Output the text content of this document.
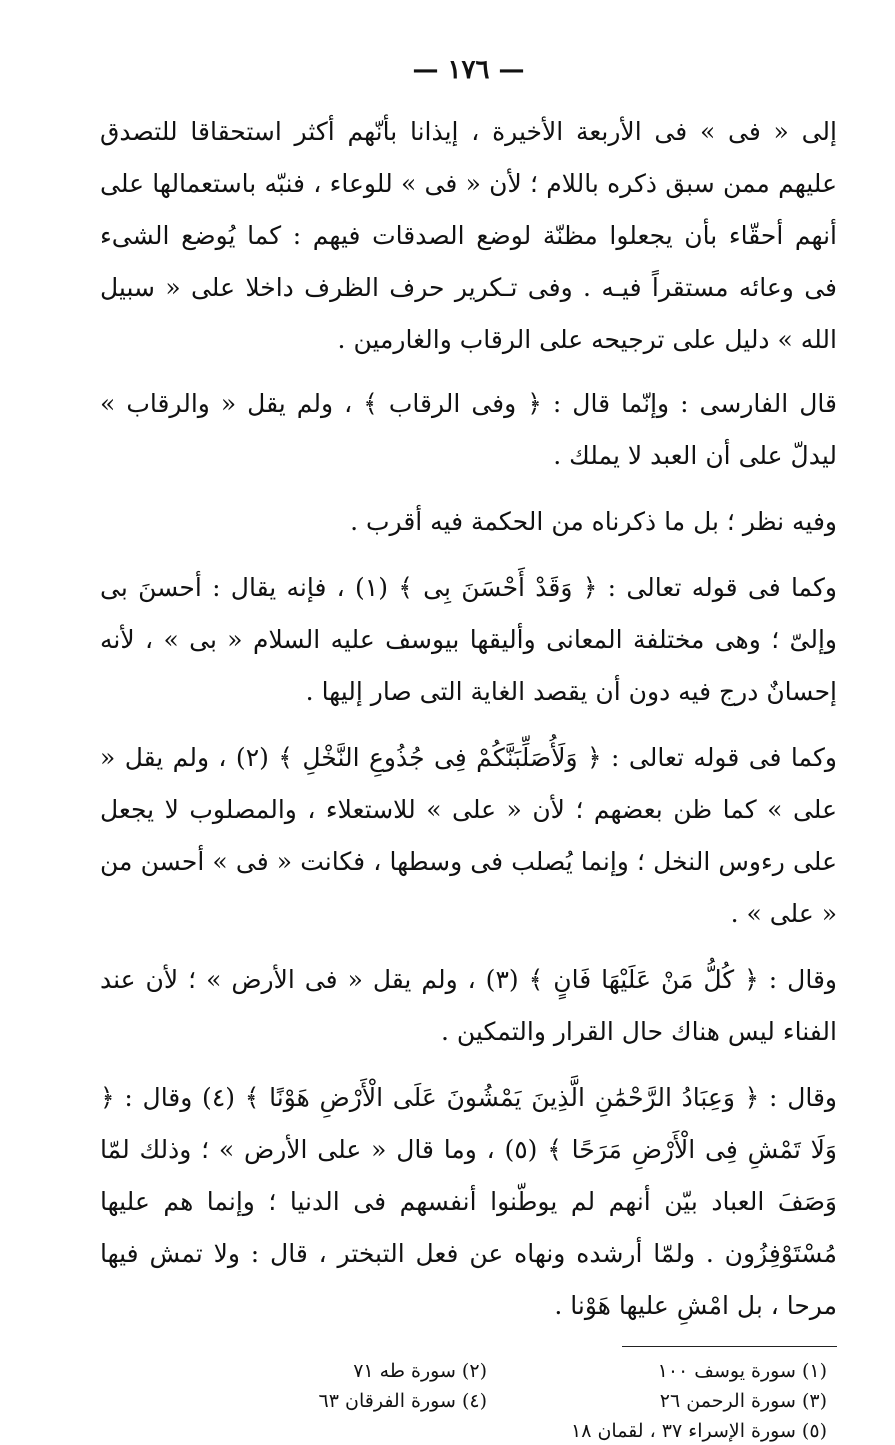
— ١٧٦ —

إلى « فى » فى الأربعة الأخيرة ، إيذانا بأنّهم أكثر استحقاقا للتصدق عليهم ممن سبق ذكره باللام ؛ لأن « فى » للوعاء ، فنبّه باستعمالها على أنهم أحقّاء بأن يجعلوا مظنّة لوضع الصدقات فيهم : كما يُوضع الشىء فى وعائه مستقراً فيـه . وفى تـكرير حرف الظرف داخلا على « سبيل الله » دليل على ترجيحه على الرقاب والغارمين .

قال الفارسى : وإنّما قال : ﴿ وفى الرقاب ﴾ ، ولم يقل « والرقاب » ليدلّ على أن العبد لا يملك .

وفيه نظر ؛ بل ما ذكرناه من الحكمة فيه أقرب .

وكما فى قوله تعالى : ﴿ وَقَدْ أَحْسَنَ بِى ﴾ (١) ، فإنه يقال : أحسنَ بى وإلىّ ؛ وهى مختلفة المعانى وأليقها بيوسف عليه السلام « بى » ، لأنه إحسانٌ درج فيه دون أن يقصد الغاية التى صار إليها .

وكما فى قوله تعالى : ﴿ وَلَأُصَلِّبَنَّكُمْ فِى جُذُوعِ النَّخْلِ ﴾ (٢) ، ولم يقل « على » كما ظن بعضهم ؛ لأن « على » للاستعلاء ، والمصلوب لا يجعل على رءوس النخل ؛ وإنما يُصلب فى وسطها ، فكانت « فى » أحسن من « على » .

وقال : ﴿ كُلُّ مَنْ عَلَيْهَا فَانٍ ﴾ (٣) ، ولم يقل « فى الأرض » ؛ لأن عند الفناء ليس هناك حال القرار والتمكين .

وقال : ﴿ وَعِبَادُ الرَّحْمَٰنِ الَّذِينَ يَمْشُونَ عَلَى الْأَرْضِ هَوْنًا ﴾ (٤) وقال : ﴿ وَلَا تَمْشِ فِى الْأَرْضِ مَرَحًا ﴾ (٥) ، وما قال « على الأرض » ؛ وذلك لمّا وَصَفَ العباد بيّن أنهم لم يوطّنوا أنفسهم فى الدنيا ؛ وإنما هم عليها مُسْتَوْفِزُون . ولمّا أرشده ونهاه عن فعل التبختر ، قال : ولا تمش فيها مرحا ، بل امْشِ عليها هَوْنا .

(١) سورة يوسف ١٠٠
(٢) سورة طه ٧١
(٣) سورة الرحمن ٢٦
(٤) سورة الفرقان ٦٣
(٥) سورة الإسراء ٣٧ ، لقمان ١٨
